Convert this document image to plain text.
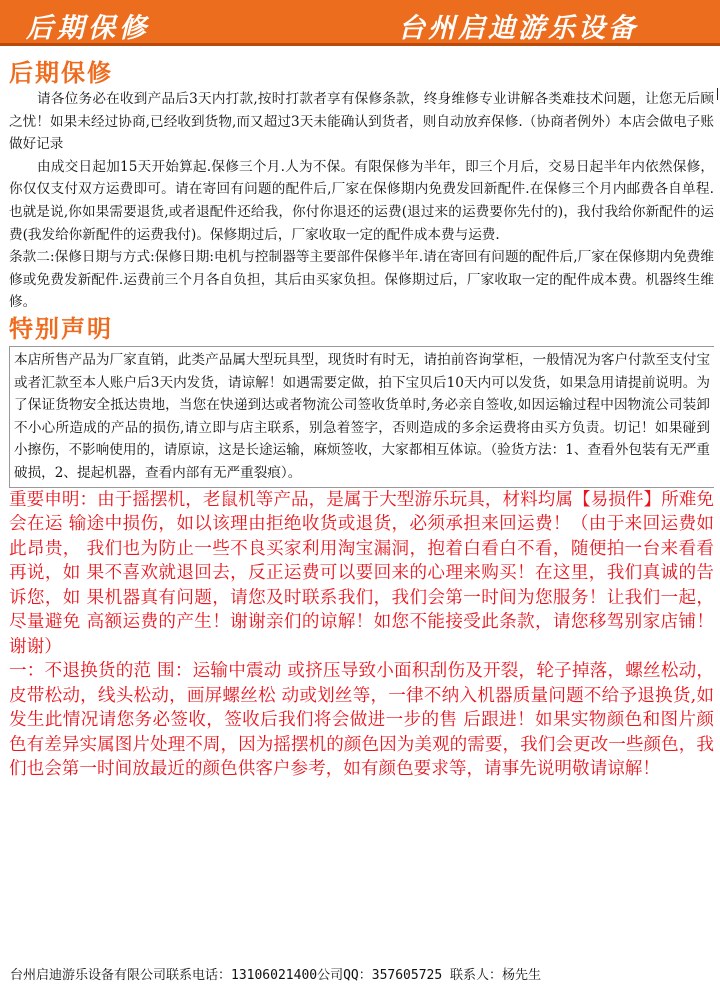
后期保修	台州启迪游乐设备
后期保修

请各位务必在收到产品后3天内打款,按时打款者享有保修条款，终身维修专业讲解各类难技术问题，让您无后顾之忧！如果未经过协商,已经收到货物,而又超过3天未能确认到货者，则自动放弃保修.（协商者例外）本店会做电子账做好记录

由成交日起加15天开始算起.保修三个月.人为不保。有限保修为半年，即三个月后，交易日起半年内依然保修，你仅仅支付双方运费即可。请在寄回有问题的配件后,厂家在保修期内免费发回新配件.在保修三个月内邮费各自单程.也就是说,你如果需要退货,或者退配件还给我，你付你退还的运费(退过来的运费要你先付的)，我付我给你新配件的运费(我发给你新配件的运费我付)。保修期过后，厂家收取一定的配件成本费与运费.

条款二:保修日期与方式:保修日期:电机与控制器等主要部件保修半年.请在寄回有问题的配件后,厂家在保修期内免费维修或免费发新配件.运费前三个月各自负担，其后由买家负担。保修期过后，厂家收取一定的配件成本费。机器终生维修。

特别声明

本店所售产品为厂家直销，此类产品属大型玩具型，现货时有时无，请拍前咨询掌柜，一般情况为客户付款至支付宝或者汇款至本人账户后3天内发货，请谅解！如遇需要定做，拍下宝贝后10天内可以发货，如果急用请提前说明。为了保证货物安全抵达贵地，当您在快递到达或者物流公司签收货单时,务必亲自签收,如因运输过程中因物流公司装卸不小心所造成的产品的损伤,请立即与店主联系，别急着签字，否则造成的多余运费将由买方负责。切记！如果碰到小擦伤，不影响使用的，请原谅，这是长途运输，麻烦签收，大家都相互体谅。（验货方法：1、查看外包装有无严重破损，2、提起机器，查看内部有无严重裂痕）。

重要申明：由于摇摆机，老鼠机等产品，是属于大型游乐玩具，材料均属【易损件】所难免会在运 输途中损伤，如以该理由拒绝收货或退货，必须承担来回运费！（由于来回运费如此昂贵， 我们也为防止一些不良买家利用淘宝漏洞，抱着白看白不看，随便拍一台来看看再说，如 果不喜欢就退回去，反正运费可以要回来的心理来购买！在这里，我们真诚的告诉您，如 果机器真有问题，请您及时联系我们，我们会第一时间为您服务！让我们一起，尽量避免 高额运费的产生！谢谢亲们的谅解！如您不能接受此条款，请您移驾别家店铺！谢谢）

一：不退换货的范 围：运输中震动 或挤压导致小面积刮伤及开裂，轮子掉落，螺丝松动，皮带松动，线头松动，画屏螺丝松 动或划丝等，一律不纳入机器质量问题不给予退换货,如发生此情况请您务必签收，签收后我们将会做进一步的售 后跟进！如果实物颜色和图片颜色有差异实属图片处理不周，因为摇摆机的颜色因为美观的需要，我们会更改一些颜色，我们也会第一时间放最近的颜色供客户参考，如有颜色要求等，请事先说明敬请谅解！

台州启迪游乐设备有限公司联系电话：13106021400公司QQ：357605725 联系人：杨先生
